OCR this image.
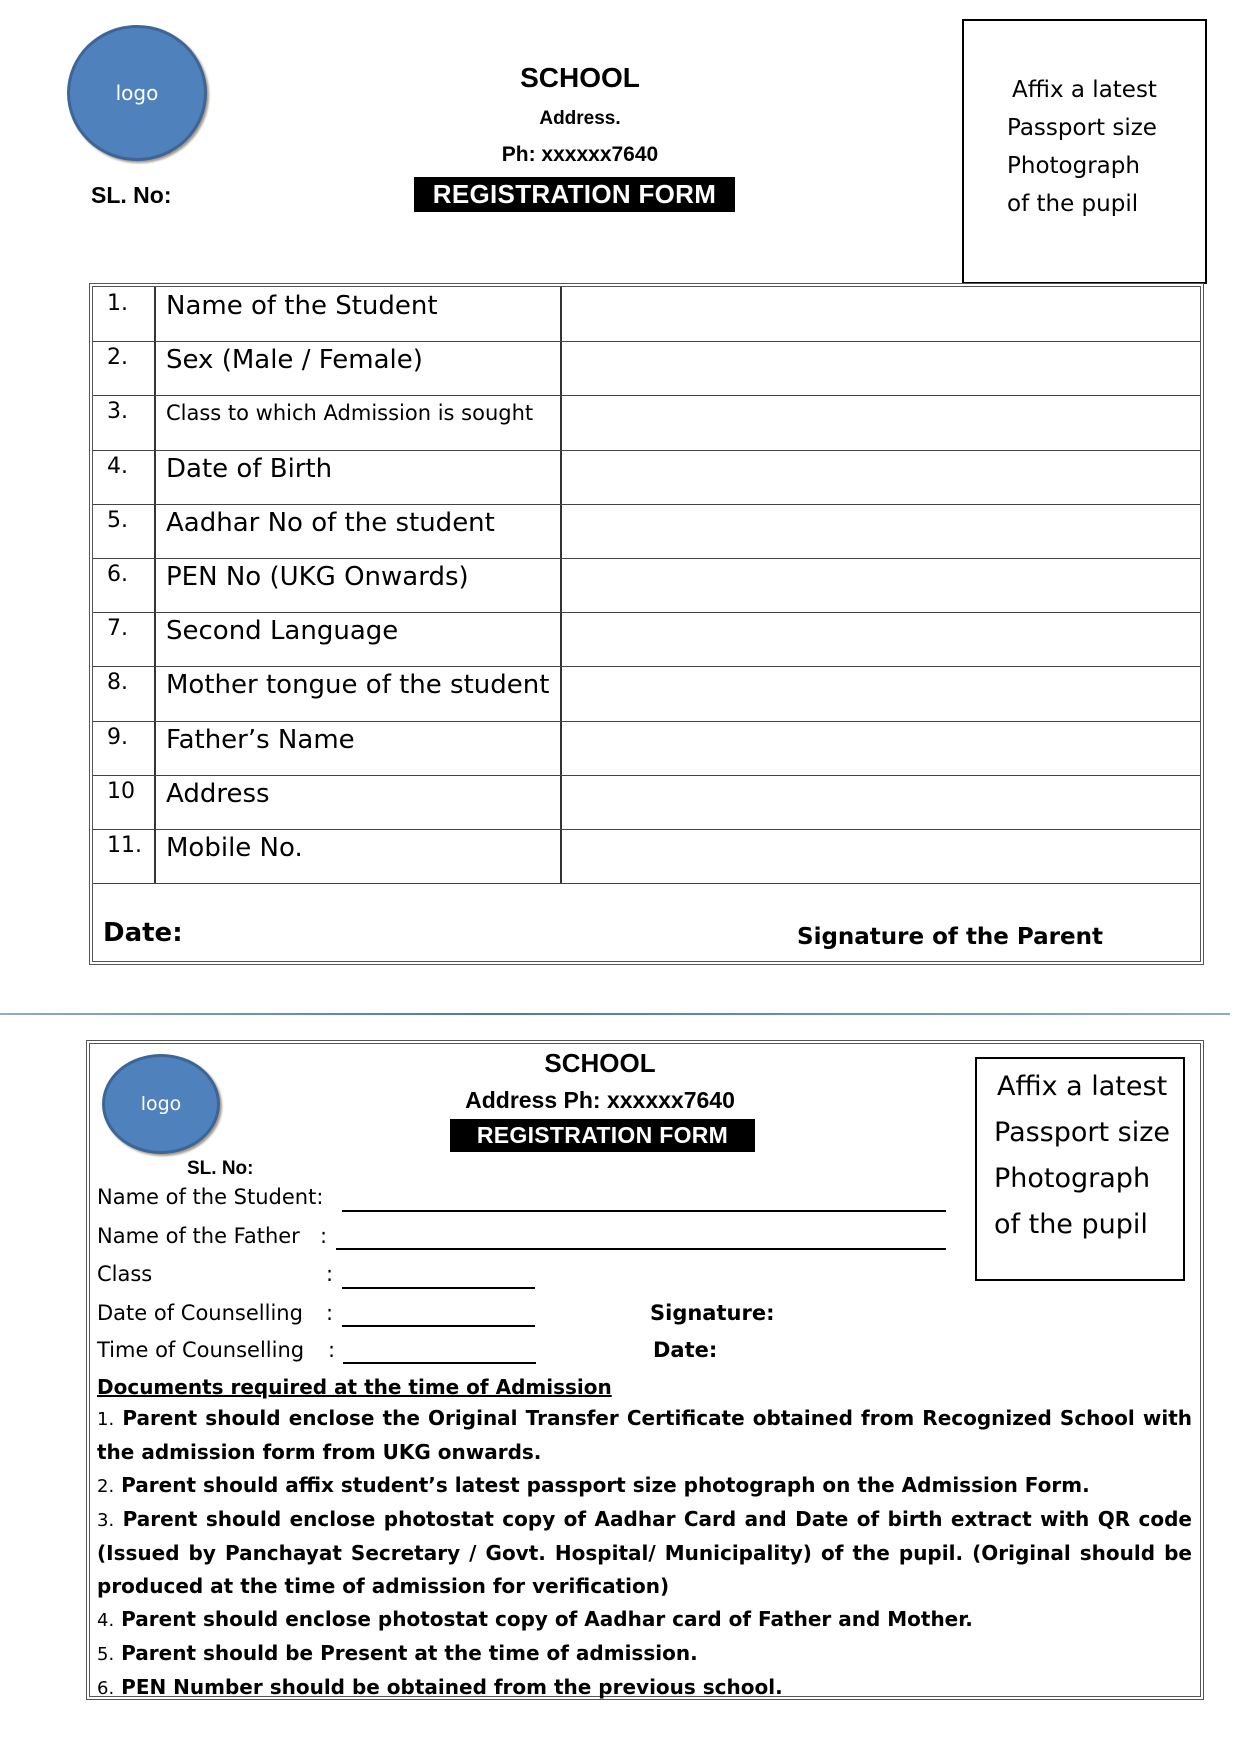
logo	SCHOOL
Address.
Ph: xxxxxx7640
REGISTRATION FORM
SL. No:
Affix a latest
Passport size
Photograph
of the pupil
1. Name of the Student
2. Sex (Male / Female)
3. Class to which Admission is sought
4. Date of Birth
5. Aadhar No of the student
6. PEN No (UKG Onwards)
7. Second Language
8. Mother tongue of the student
9. Father’s Name
10 Address
11. Mobile No.
Date:	Signature of the Parent
logo
SCHOOL
Address Ph: xxxxxx7640
REGISTRATION FORM
SL. No:
Affix a latest
Passport size
Photograph
of the pupil
Name of the Student:
Name of the Father :
Class	:
Date of Counselling :
Time of Counselling :
Signature:
Date:
Documents required at the time of Admission
1. Parent should enclose the Original Transfer Certificate obtained from Recognized School with the admission form from UKG onwards.
2. Parent should affix student’s latest passport size photograph on the Admission Form.
3. Parent should enclose photostat copy of Aadhar Card and Date of birth extract with QR code (Issued by Panchayat Secretary / Govt. Hospital/ Municipality) of the pupil. (Original should be produced at the time of admission for verification)
4. Parent should enclose photostat copy of Aadhar card of Father and Mother.
5. Parent should be Present at the time of admission.
6. PEN Number should be obtained from the previous school.
